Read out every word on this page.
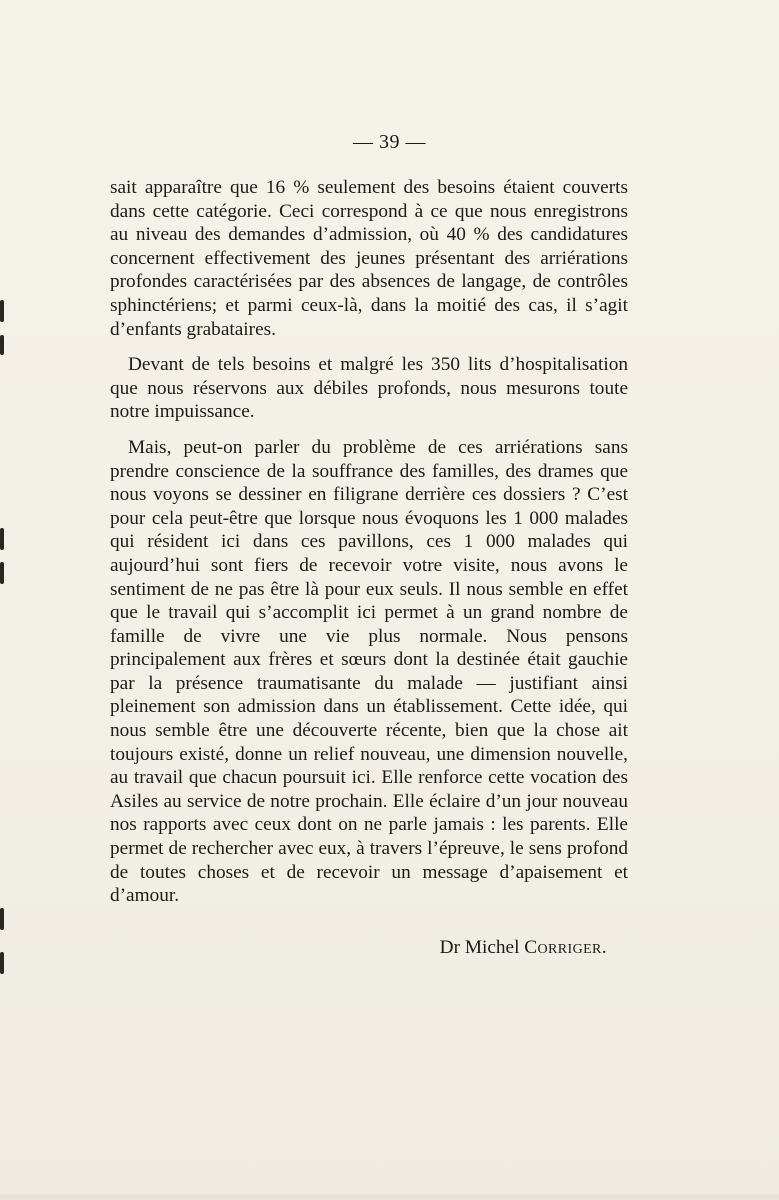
— 39 —

sait apparaître que 16 % seulement des besoins étaient couverts dans cette catégorie. Ceci correspond à ce que nous enregistrons au niveau des demandes d’admission, où 40 % des candidatures concernent effectivement des jeunes présentant des arriérations profondes caractérisées par des absences de langage, de contrôles sphinctériens; et parmi ceux-là, dans la moitié des cas, il s’agit d’enfants grabataires.

Devant de tels besoins et malgré les 350 lits d’hospitalisation que nous réservons aux débiles profonds, nous mesurons toute notre impuissance.

Mais, peut-on parler du problème de ces arriérations sans prendre conscience de la souffrance des familles, des drames que nous voyons se dessiner en filigrane derrière ces dossiers ? C’est pour cela peut-être que lorsque nous évoquons les 1 000 malades qui résident ici dans ces pavillons, ces 1 000 malades qui aujourd’hui sont fiers de recevoir votre visite, nous avons le sentiment de ne pas être là pour eux seuls. Il nous semble en effet que le travail qui s’accomplit ici permet à un grand nombre de famille de vivre une vie plus normale. Nous pensons principalement aux frères et sœurs dont la destinée était gauchie par la présence traumatisante du malade — justifiant ainsi pleinement son admission dans un établissement. Cette idée, qui nous semble être une découverte récente, bien que la chose ait toujours existé, donne un relief nouveau, une dimension nouvelle, au travail que chacun poursuit ici. Elle renforce cette vocation des Asiles au service de notre prochain. Elle éclaire d’un jour nouveau nos rapports avec ceux dont on ne parle jamais : les parents. Elle permet de rechercher avec eux, à travers l’épreuve, le sens profond de toutes choses et de recevoir un message d’apaisement et d’amour.

Dr Michel Corriger.
